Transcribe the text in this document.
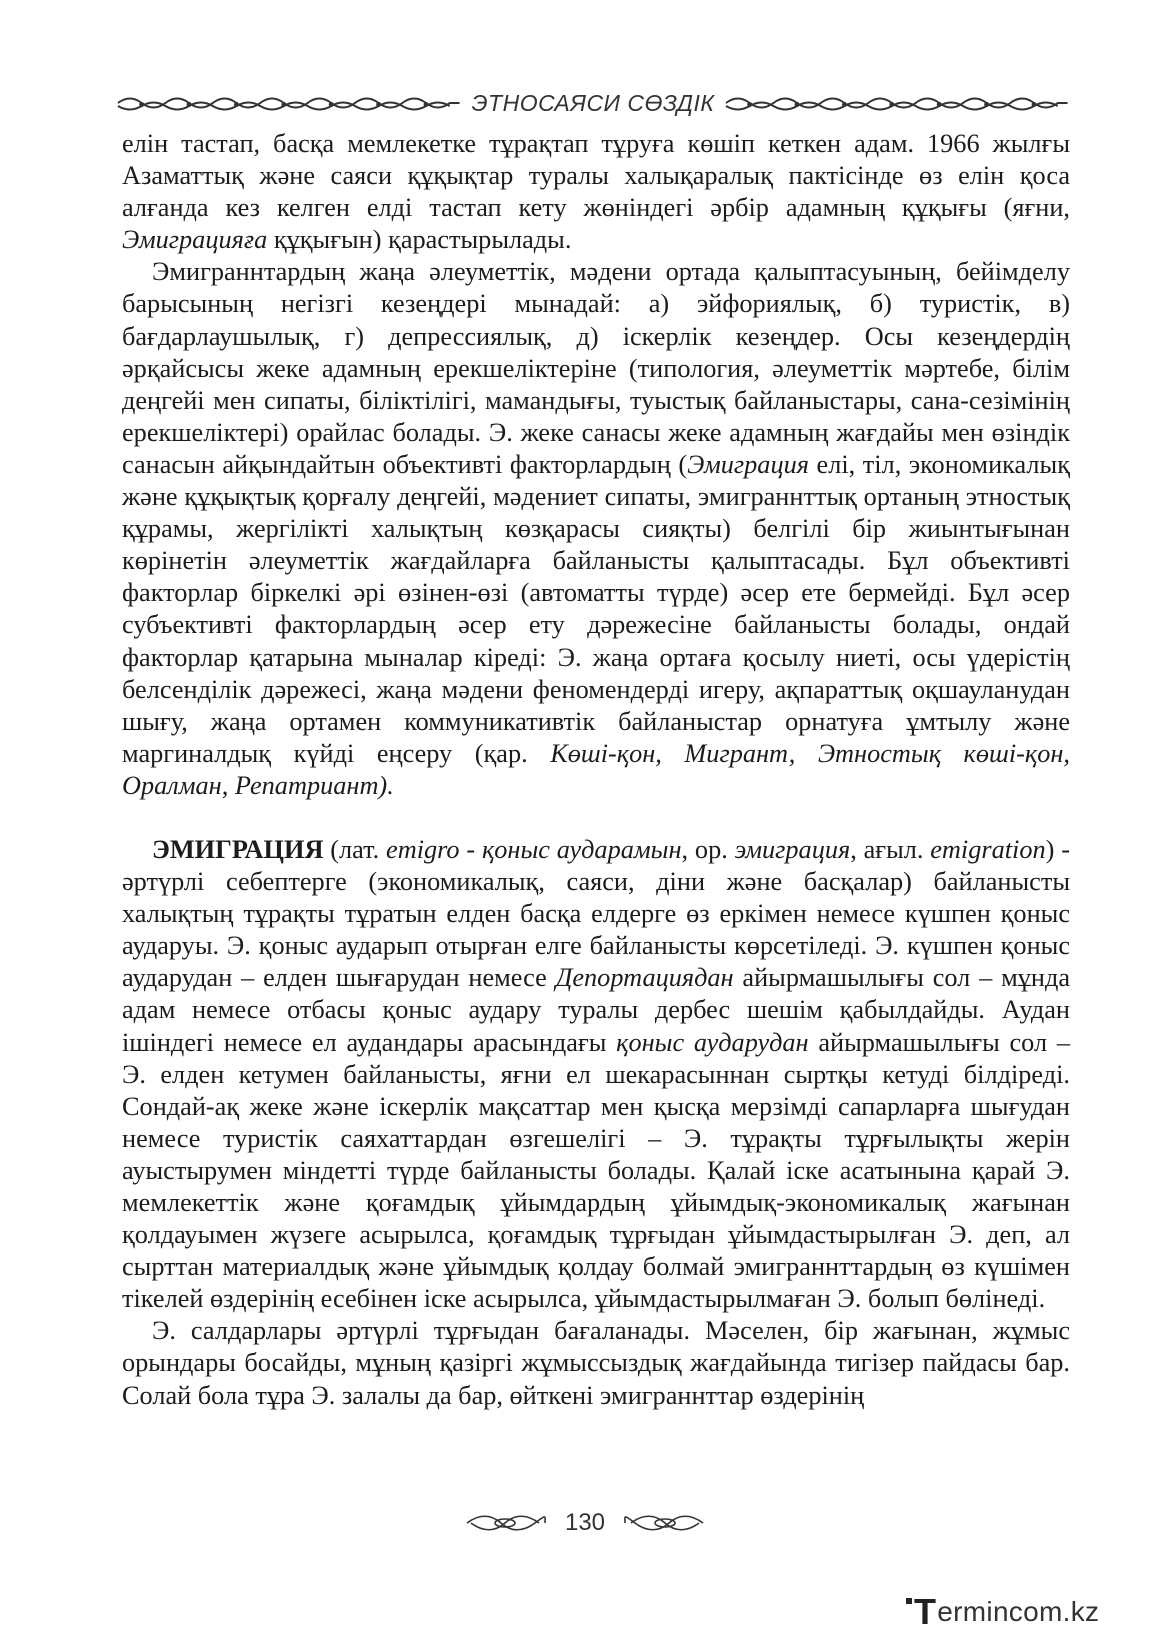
ЭТНОСАЯСИ СӨЗДІК

елін тастап, басқа мемлекетке тұрақтап тұруға көшіп кеткен адам. 1966 жылғы Азаматтық және саяси құқықтар туралы халықаралық пактісінде өз елін қоса алғанда кез келген елді тастап кету жөніндегі әрбір адамның құқығы (яғни, Эмиграцияға құқығын) қарастырылады.

Эмиграннтардың жаңа әлеуметтік, мәдени ортада қалыптасуының, бейімделу барысының негізгі кезеңдері мынадай: а) эйфориялық, б) туристік, в) бағдарлаушылық, г) депрессиялық, д) іскерлік кезеңдер. Осы кезеңдердің әрқайсысы жеке адамның ерекшеліктеріне (типология, әлеуметтік мәртебе, білім деңгейі мен сипаты, біліктілігі, мамандығы, туыстық байланыстары, сана-сезімінің ерекшеліктері) орайлас болады. Э. жеке санасы жеке адамның жағдайы мен өзіндік санасын айқындайтын объективті факторлардың (Эмиграция елі, тіл, экономикалық және құқықтық қорғалу деңгейі, мәдениет сипаты, эмиграннттық ортаның этностық құрамы, жергілікті халықтың көзқарасы сияқты) белгілі бір жиынтығынан көрінетін әлеуметтік жағдайларға байланысты қалыптасады. Бұл объективті факторлар біркелкі әрі өзінен-өзі (автоматты түрде) әсер ете бермейді. Бұл әсер субъективті факторлардың әсер ету дәрежесіне байланысты болады, ондай факторлар қатарына мыналар кіреді: Э. жаңа ортаға қосылу ниеті, осы үдерістің белсенділік дәрежесі, жаңа мәдени феномендерді игеру, ақпараттық оқшауланудан шығу, жаңа ортамен коммуникативтік байланыстар орнатуға ұмтылу және маргиналдық күйді еңсеру (қар. Көші-қон, Мигрант, Этностық көші-қон, Оралман, Репатриант).

ЭМИГРАЦИЯ (лат. emigro - қоныс аударамын, ор. эмиграция, ағыл. emigration) - әртүрлі себептерге (экономикалық, саяси, діни және басқалар) байланысты халықтың тұрақты тұратын елден басқа елдерге өз еркімен немесе күшпен қоныс аударуы. Э. қоныс аударып отырған елге байланысты көрсетіледі. Э. күшпен қоныс аударудан – елден шығарудан немесе Депортациядан айырмашылығы сол – мұнда адам немесе отбасы қоныс аудару туралы дербес шешім қабылдайды. Аудан ішіндегі немесе ел аудандары арасындағы қоныс аударудан айырмашылығы сол – Э. елден кетумен байланысты, яғни ел шекарасыннан сыртқы кетуді білдіреді. Сондай-ақ жеке және іскерлік мақсаттар мен қысқа мерзімді сапарларға шығудан немесе туристік саяхаттардан өзгешелігі – Э. тұрақты тұрғылықты жерін ауыстырумен міндетті түрде байланысты болады. Қалай іске асатынына қарай Э. мемлекеттік және қоғамдық ұйымдардың ұйымдық-экономикалық жағынан қолдауымен жүзеге асырылса, қоғамдық тұрғыдан ұйымдастырылған Э. деп, ал сырттан материалдық және ұйымдық қолдау болмай эмиграннттардың өз күшімен тікелей өздерінің есебінен іске асырылса, ұйымдастырылмаған Э. болып бөлінеді.

Э. салдарлары әртүрлі тұрғыдан бағаланады. Мәселен, бір жағынан, жұмыс орындары босайды, мұның қазіргі жұмыссыздық жағдайында тигізер пайдасы бар. Солай бола тұра Э. залалы да бар, өйткені эмиграннттар өздерінің

130
T erminc o m.kz
